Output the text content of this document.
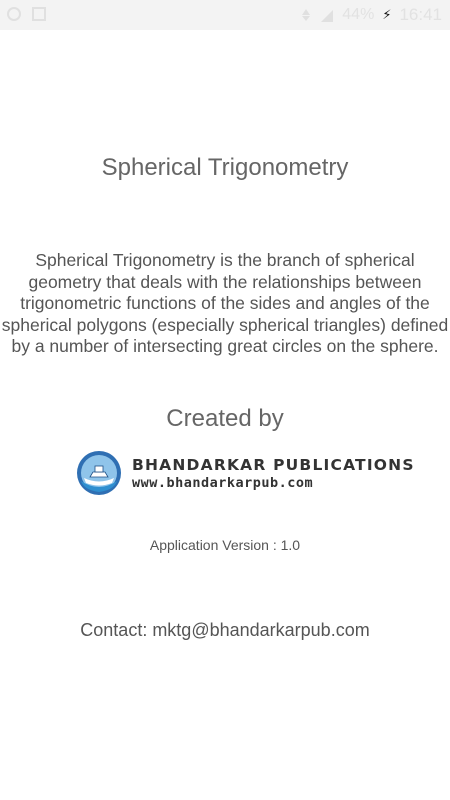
44% ⚡ 16:41
Spherical Trigonometry
Spherical Trigonometry is the branch of spherical geometry that deals with the relationships between trigonometric functions of the sides and angles of the spherical polygons (especially spherical triangles) defined by a number of intersecting great circles on the sphere.
Created by
BHANDARKAR PUBLICATIONS
www.bhandarkarpub.com
Application Version : 1.0
Contact: mktg@bhandarkarpub.com
